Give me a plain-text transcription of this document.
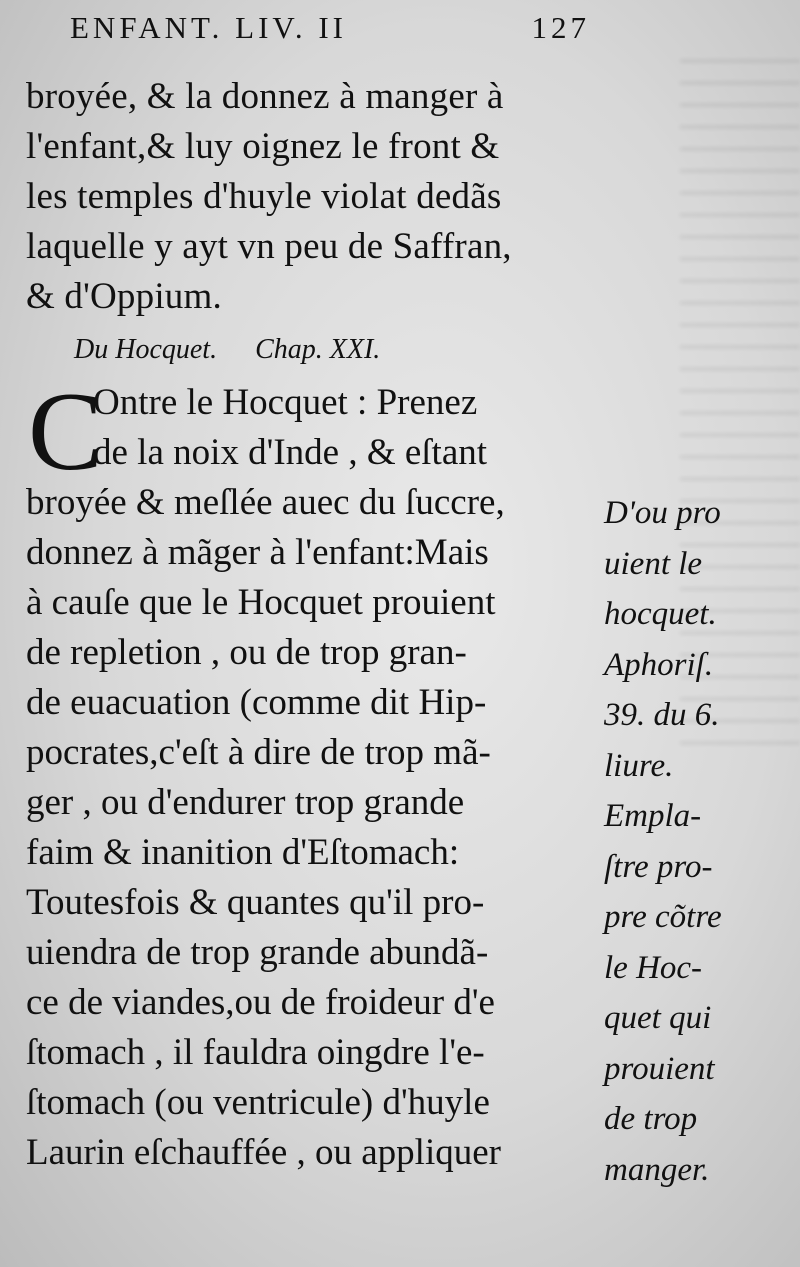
ENFANT. LIV. II	127
broyée, & la donnez à manger à
l'enfant,& luy oignez le front &
les temples d'huyle violat dedãs
laquelle y ayt vn peu de Saffran,
& d'Oppium.
Du Hocquet. Chap. XXI.
C
Ontre le Hocquet : Prenez
de la noix d'Inde , & eſtant
broyée & meſlée auec du ſuccre,
donnez à mãger à l'enfant:Mais
à cauſe que le Hocquet prouient
de repletion , ou de trop gran-
de euacuation (comme dit Hip-
pocrates,c'eſt à dire de trop mã-
ger , ou d'endurer trop grande
faim & inanition d'Eſtomach:
Toutesfois & quantes qu'il pro-
uiendra de trop grande abundã-
ce de viandes,ou de froideur d'e
ſtomach , il fauldra oingdre l'e-
ſtomach (ou ventricule) d'huyle
Laurin eſchauffée , ou appliquer
D'ou pro
uient le
hocquet.
Aphoriſ.
39. du 6.
liure.
Empla-
ſtre pro-
pre cõtre
le Hoc-
quet qui
prouient
de trop
manger.
